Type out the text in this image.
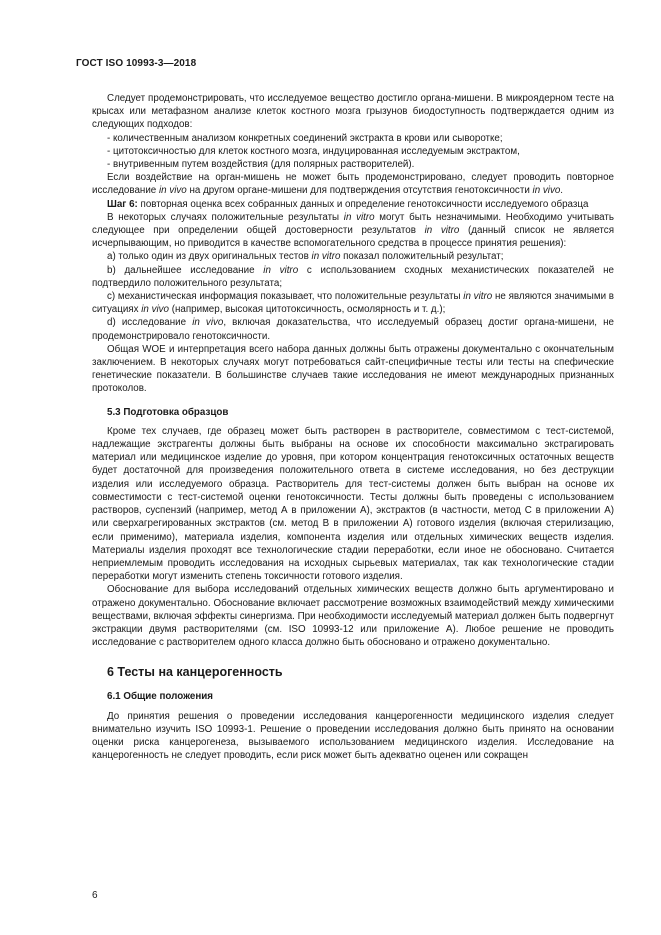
ГОСТ ISO 10993-3—2018

Следует продемонстрировать, что исследуемое вещество достигло органа-мишени. В микроядерном тесте на крысах или метафазном анализе клеток костного мозга грызунов биодоступность подтверждается одним из следующих подходов:

- количественным анализом конкретных соединений экстракта в крови или сыворотке;

- цитотоксичностью для клеток костного мозга, индуцированная исследуемым экстрактом,

- внутривенным путем воздействия (для полярных растворителей).

Если воздействие на орган-мишень не может быть продемонстрировано, следует проводить повторное исследование in vivo на другом органе-мишени для подтверждения отсутствия генотоксичности in vivo.

Шаг 6: повторная оценка всех собранных данных и определение генотоксичности исследуемого образца

В некоторых случаях положительные результаты in vitro могут быть незначимыми. Необходимо учитывать следующее при определении общей достоверности результатов in vitro (данный список не является исчерпывающим, но приводится в качестве вспомогательного средства в процессе принятия решения):

a) только один из двух оригинальных тестов in vitro показал положительный результат;

b) дальнейшее исследование in vitro с использованием сходных механистических показателей не подтвердило положительного результата;

c) механистическая информация показывает, что положительные результаты in vitro не являются значимыми в ситуациях in vivo (например, высокая цитотоксичность, осмолярность и т. д.);

d) исследование in vivo, включая доказательства, что исследуемый образец достиг органа-мишени, не продемонстрировало генотоксичности.

Общая WOE и интерпретация всего набора данных должны быть отражены документально с окончательным заключением. В некоторых случаях могут потребоваться сайт-специфичные тесты или тесты на спефические генетические показатели. В большинстве случаев такие исследования не имеют международных признанных протоколов.

5.3 Подготовка образцов

Кроме тех случаев, где образец может быть растворен в растворителе, совместимом с тест-системой, надлежащие экстрагенты должны быть выбраны на основе их способности максимально экстрагировать материал или медицинское изделие до уровня, при котором концентрация генотоксичных остаточных веществ будет достаточной для произведения положительного ответа в системе исследования, но без деструкции изделия или исследуемого образца. Растворитель для тест-системы должен быть выбран на основе их совместимости с тест-системой оценки генотоксичности. Тесты должны быть проведены с использованием растворов, суспензий (например, метод А в приложении А), экстрактов (в частности, метод С в приложении А) или сверхагрегированных экстрактов (см. метод В в приложении А) готового изделия (включая стерилизацию, если применимо), материала изделия, компонента изделия или отдельных химических веществ изделия. Материалы изделия проходят все технологические стадии переработки, если иное не обосновано. Считается неприемлемым проводить исследования на исходных сырьевых материалах, так как технологические стадии переработки могут изменить степень токсичности готового изделия.

Обоснование для выбора исследований отдельных химических веществ должно быть аргументировано и отражено документально. Обоснование включает рассмотрение возможных взаимодействий между химическими веществами, включая эффекты синергизма. При необходимости исследуемый материал должен быть подвергнут экстракции двумя растворителями (см. ISO 10993-12 или приложение А). Любое решение не проводить исследование с растворителем одного класса должно быть обосновано и отражено документально.

6 Тесты на канцерогенность

6.1 Общие положения

До принятия решения о проведении исследования канцерогенности медицинского изделия следует внимательно изучить ISO 10993-1. Решение о проведении исследования должно быть принято на основании оценки риска канцерогенеза, вызываемого использованием медицинского изделия. Исследование на канцерогенность не следует проводить, если риск может быть адекватно оценен или сокращен

6
